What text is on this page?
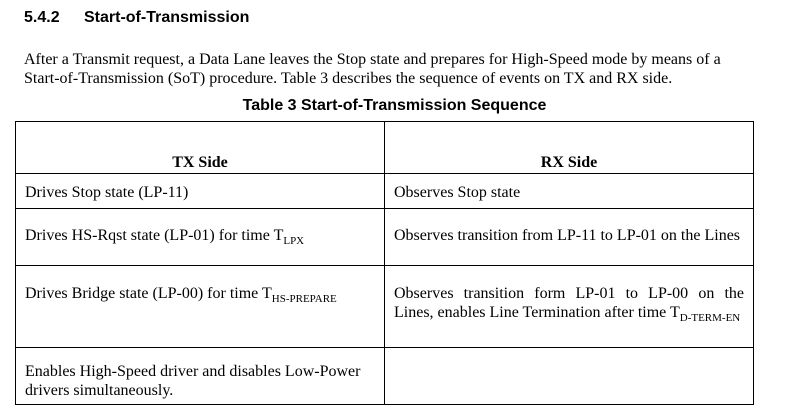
5.4.2 Start-of-Transmission

After a Transmit request, a Data Lane leaves the Stop state and prepares for High-Speed mode by means of a Start-of-Transmission (SoT) procedure. Table 3 describes the sequence of events on TX and RX side.

Table 3 Start-of-Transmission Sequence
TX Side	RX Side
Drives Stop state (LP-11)	Observes Stop state
Drives HS-Rqst state (LP-01) for time $T_{LPX}$	Observes transition from LP-11 to LP-01 on the Lines

Drives Bridge state (LP-00) for time $T_{HS-PREPARE}$	Observes transition form LP-01 to LP-00 on the Lines, enables Line Termination after time $T_{D-TERM-EN}$

Enables High-Speed driver and disables Low-Power drivers simultaneously.	
